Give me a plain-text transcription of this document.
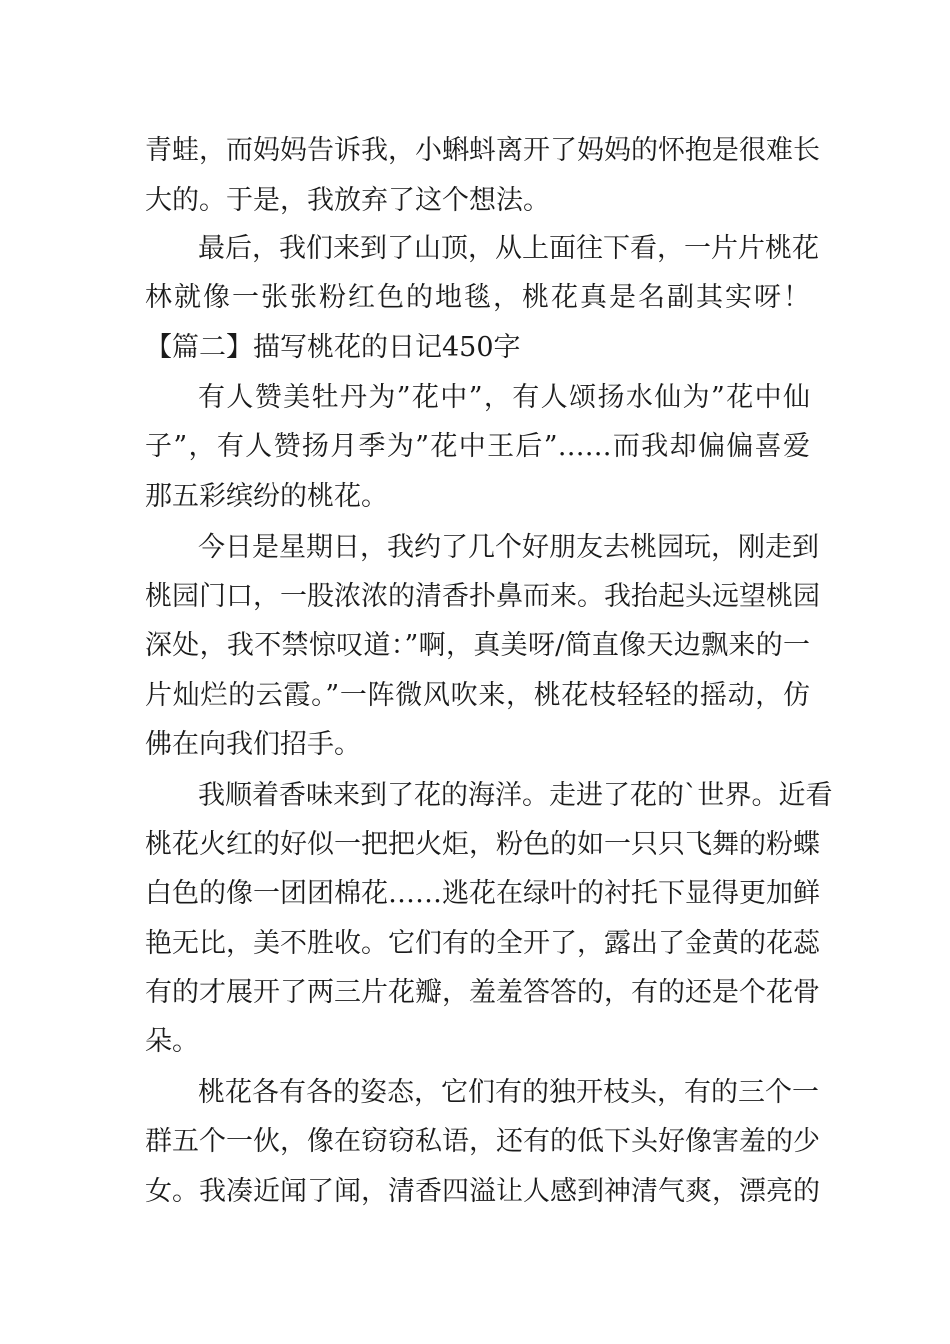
青蛙，而妈妈告诉我，小蝌蚪离开了妈妈的怀抱是很难长
大的。于是，我放弃了这个想法。
最后，我们来到了山顶，从上面往下看，一片片桃花
林就像一张张粉红色的地毯，桃花真是名副其实呀！
【篇二】描写桃花的日记450字
有人赞美牡丹为”花中”，有人颂扬水仙为”花中仙
子”，有人赞扬月季为”花中王后”……而我却偏偏喜爱
那五彩缤纷的桃花。
今日是星期日，我约了几个好朋友去桃园玩，刚走到
桃园门口，一股浓浓的清香扑鼻而来。我抬起头远望桃园
深处，我不禁惊叹道：”啊，真美呀/简直像天边飘来的一
片灿烂的云霞。”一阵微风吹来，桃花枝轻轻的摇动，仿
佛在向我们招手。
我顺着香味来到了花的海洋。走进了花的`世界。近看
桃花火红的好似一把把火炬，粉色的如一只只飞舞的粉蝶
白色的像一团团棉花……逃花在绿叶的衬托下显得更加鲜
艳无比，美不胜收。它们有的全开了，露出了金黄的花蕊
有的才展开了两三片花瓣，羞羞答答的，有的还是个花骨
朵。
桃花各有各的姿态，它们有的独开枝头，有的三个一
群五个一伙，像在窃窃私语，还有的低下头好像害羞的少
女。我凑近闻了闻，清香四溢让人感到神清气爽，漂亮的
